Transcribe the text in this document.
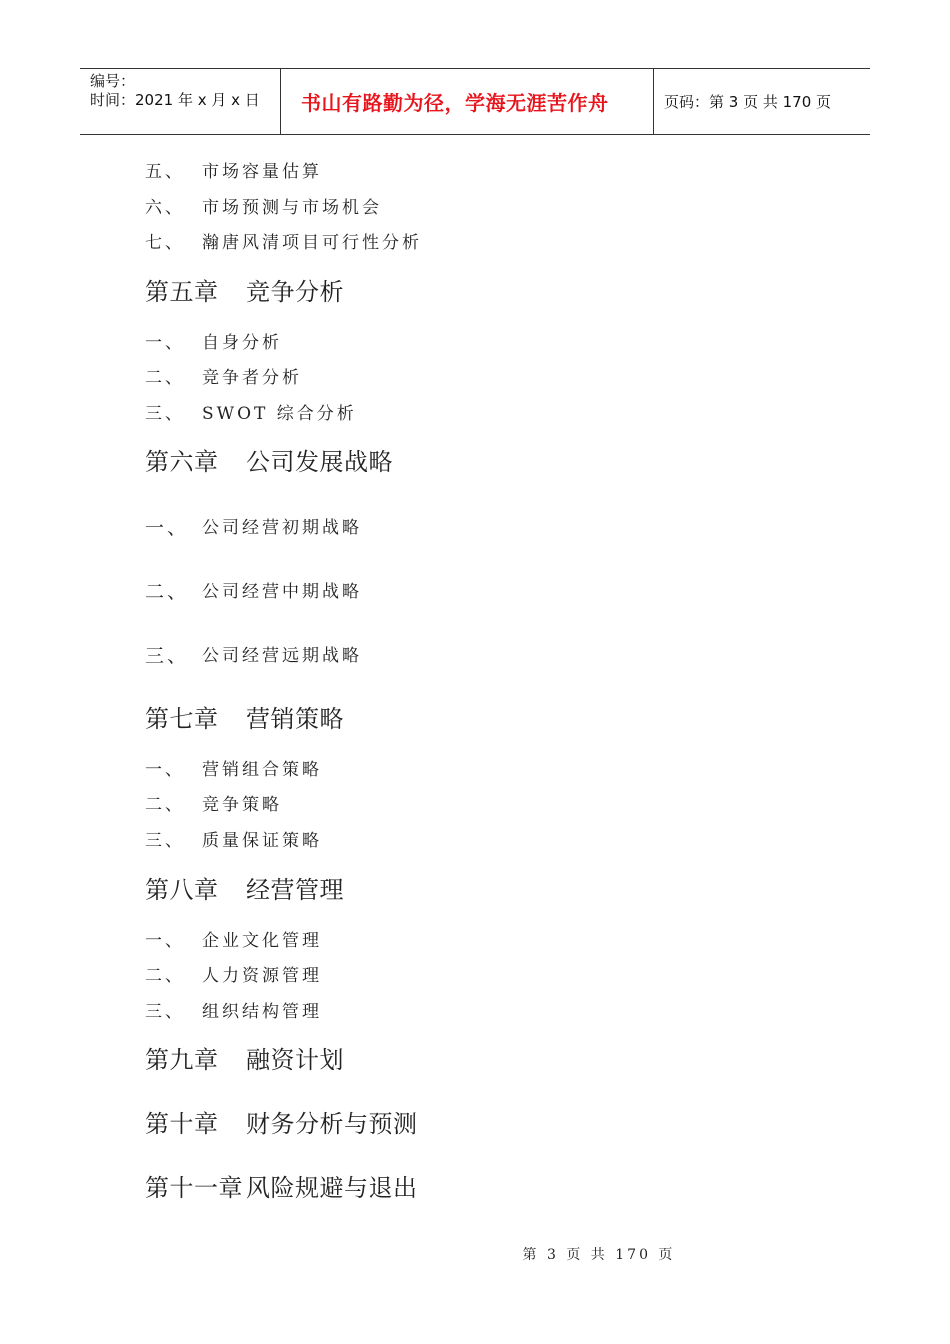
编号：
时间：2021 年 x 月 x 日 书山有路勤为径，学海无涯苦作舟	页码：第 3 页 共 170 页
五、 市场容量估算
六、 市场预测与市场机会
七、 瀚唐风清项目可行性分析
第五章 竞争分析
一、 自身分析
二、 竞争者分析
三、 SWOT 综合分析
第六章 公司发展战略
一、 公司经营初期战略
二、 公司经营中期战略
三、 公司经营远期战略
第七章 营销策略
一、 营销组合策略
二、 竞争策略
三、 质量保证策略
第八章 经营管理
一、 企业文化管理
二、 人力资源管理
三、 组织结构管理
第九章 融资计划
第十章 财务分析与预测
第十一章 风险规避与退出
第 3 页 共 170 页
